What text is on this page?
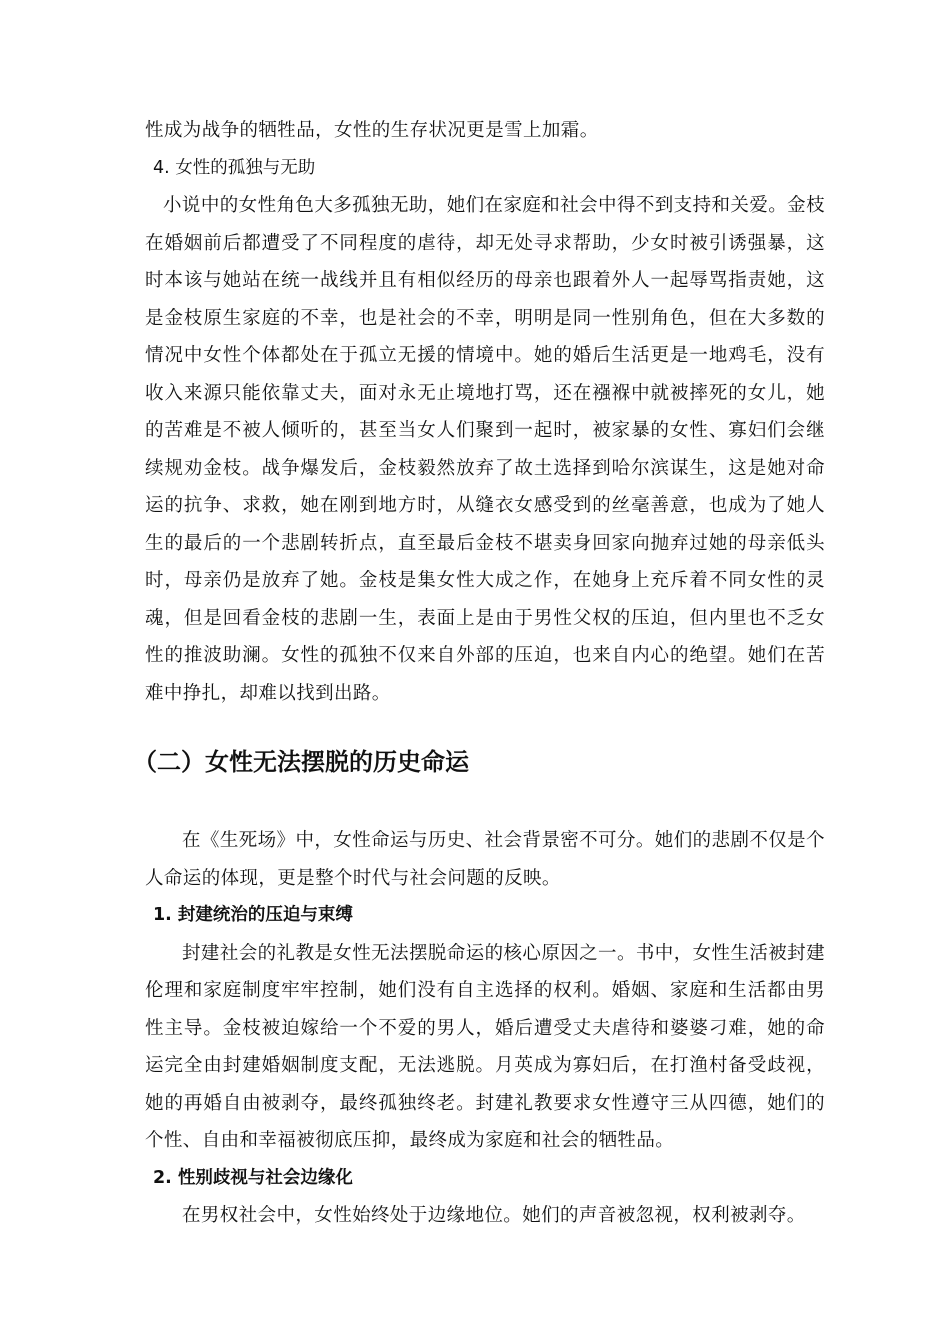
性成为战争的牺牲品，女性的生存状况更是雪上加霜。

4. 女性的孤独与无助

小说中的女性角色大多孤独无助，她们在家庭和社会中得不到支持和关爱。金枝在婚姻前后都遭受了不同程度的虐待，却无处寻求帮助，少女时被引诱强暴，这时本该与她站在统一战线并且有相似经历的母亲也跟着外人一起辱骂指责她，这是金枝原生家庭的不幸，也是社会的不幸，明明是同一性别角色，但在大多数的情况中女性个体都处在于孤立无援的情境中。她的婚后生活更是一地鸡毛，没有收入来源只能依靠丈夫，面对永无止境地打骂，还在襁褓中就被摔死的女儿，她的苦难是不被人倾听的，甚至当女人们聚到一起时，被家暴的女性、寡妇们会继续规劝金枝。战争爆发后，金枝毅然放弃了故土选择到哈尔滨谋生，这是她对命运的抗争、求救，她在刚到地方时，从缝衣女感受到的丝毫善意，也成为了她人生的最后的一个悲剧转折点，直至最后金枝不堪卖身回家向抛弃过她的母亲低头时，母亲仍是放弃了她。金枝是集女性大成之作，在她身上充斥着不同女性的灵魂，但是回看金枝的悲剧一生，表面上是由于男性父权的压迫，但内里也不乏女性的推波助澜。女性的孤独不仅来自外部的压迫，也来自内心的绝望。她们在苦难中挣扎，却难以找到出路。

（二）女性无法摆脱的历史命运

在《生死场》中，女性命运与历史、社会背景密不可分。她们的悲剧不仅是个人命运的体现，更是整个时代与社会问题的反映。

1. 封建统治的压迫与束缚

封建社会的礼教是女性无法摆脱命运的核心原因之一。书中，女性生活被封建伦理和家庭制度牢牢控制，她们没有自主选择的权利。婚姻、家庭和生活都由男性主导。金枝被迫嫁给一个不爱的男人，婚后遭受丈夫虐待和婆婆刁难，她的命运完全由封建婚姻制度支配，无法逃脱。月英成为寡妇后，在打渔村备受歧视，她的再婚自由被剥夺，最终孤独终老。封建礼教要求女性遵守三从四德，她们的个性、自由和幸福被彻底压抑，最终成为家庭和社会的牺牲品。

2. 性别歧视与社会边缘化

在男权社会中，女性始终处于边缘地位。她们的声音被忽视，权利被剥夺。
